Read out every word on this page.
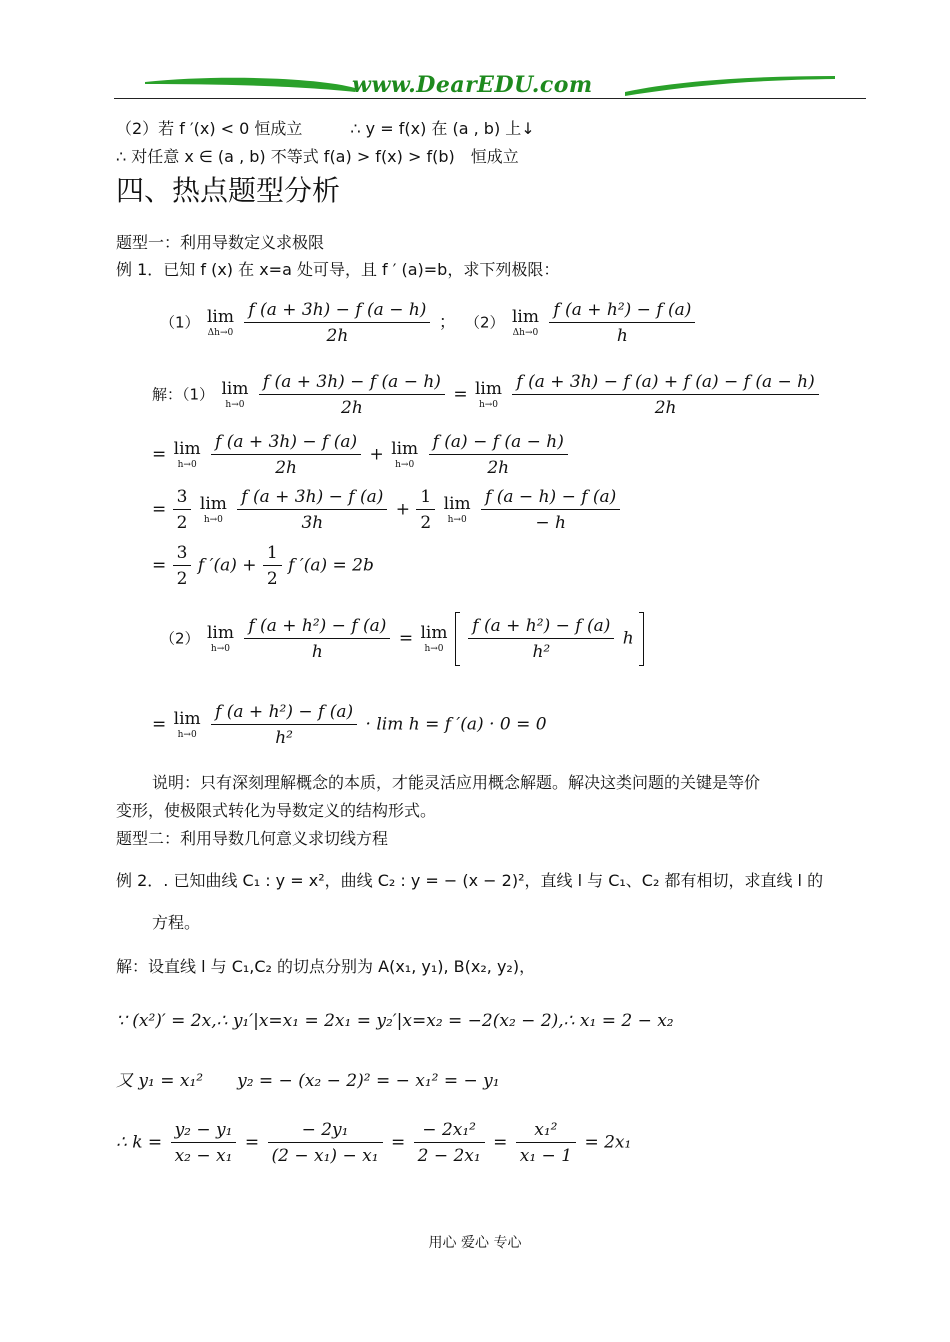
www.DearEDU.com
（2）若 f ′(x) < 0 恒成立　　　∴ y = f(x) 在 (a , b) 上↓
∴ 对任意 x ∈ (a , b) 不等式 f(a) > f(x) > f(b)　恒成立
四、热点题型分析
题型一：利用导数定义求极限
例 1．已知 f (x) 在 x=a 处可导，且 f ′ (a)=b，求下列极限：
（1） lim
Δh→0
$\frac{f (a + 3h) - f (a - h)}{2h}$ ； （2） lim
Δh→0
$\frac{\text{f (a + h²) − f (a)}}{h}$
解：（1） lim
h→0
$\frac{f (a + 3h) - f (a - h)}{2h} = \lim$
h→0
$\frac{f (a + 3h) - f (a) + f (a) - f (a - h)}{2h}$
= lim
h→0
$\frac{f (a + 3h) - f (a)}{2h} + \lim$
h→0
$\frac{f (a) - f (a - h)}{2h}$
= $\frac{3}{2}$
lim
h→0
$\frac{f (a + 3h) - f (a)}{3h} + \frac{1}{2}$
lim
h→0
$\frac{f (a - h) - f (a)}{- h}$
= $\frac{3}{2}$ f $'(a) + \frac{1}{2}$ f ′(a) = 2b
（2） lim
h→0
$\frac{\text{f (a + h²) − f (a)}}{h} = \lim$
h→0
$\frac{\text{f (a + h²) − f (a)}}{\text{h²}}$ h
= lim
h→0
$\frac{\text{f (a + h²) − f (a)}}{\text{h²}} \cdot \lim h = f$ ′(a) · 0 = 0
说明：只有深刻理解概念的本质，才能灵活应用概念解题。解决这类问题的关键是等价
变形，使极限式转化为导数定义的结构形式。
题型二：利用导数几何意义求切线方程
例 2．. 已知曲线 C₁ : y = x²，曲线 C₂ : y = − (x − 2)²，直线 l 与 C₁、C₂ 都有相切，求直线 l 的
方程。
解：设直线 l 与 C₁,C₂ 的切点分别为 A(x₁, y₁), B(x₂, y₂)，
∵ (x²)′ = 2x,∴ y₁′|x=x₁ = 2x₁ = y₂′|x=x₂ = −2(x₂ − 2),∴ x₁ = 2 − x₂
又 y₁ = x₁²　　y₂ = − (x₂ − 2)² = − x₁² = − y₁
∴ $k = \frac{\text{y₂ − y₁}}{\text{x₂ − x₁}} = \frac{\text{− 2y₁}}{\text{(2 − x₁) − x₁}} = \frac{\text{− 2x₁²}}{\text{2 − 2x₁}} = \frac{\text{x₁²}}{\text{x₁ − 1}} = 2x_1$
用心 爱心 专心
